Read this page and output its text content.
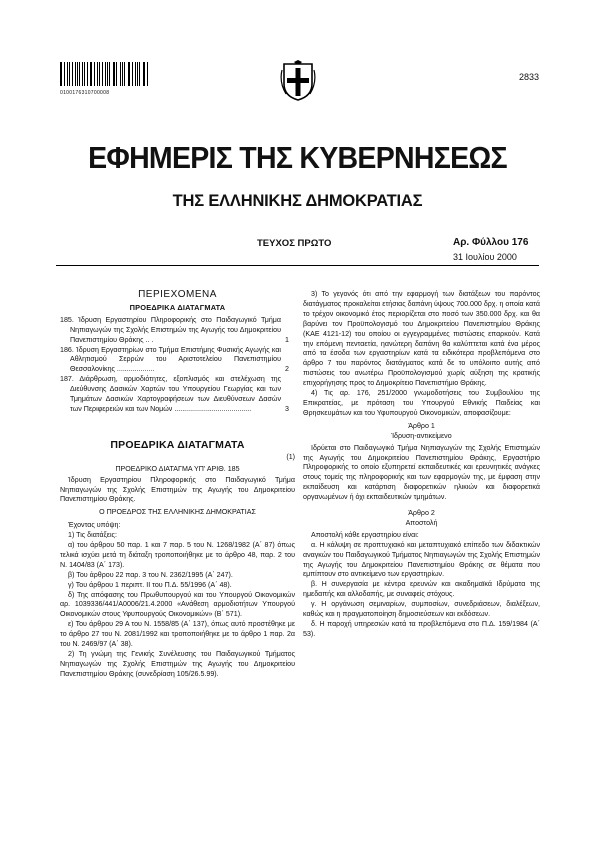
0100176310700008
2833
ΕΦΗΜΕΡΙΣ ΤΗΣ ΚΥΒΕΡΝΗΣΕΩΣ
ΤΗΣ ΕΛΛΗΝΙΚΗΣ ΔΗΜΟΚΡΑΤΙΑΣ
ΤΕΥΧΟΣ ΠΡΩΤΟ	Αρ. Φύλλου 176
31 Ιουλίου 2000
ΠΕΡΙΕΧΟΜΕΝΑ
ΠΡΟΕΔΡΙΚΑ ΔΙΑΤΑΓΜΑΤΑ
185. Ίδρυση Εργαστηρίου Πληροφορικής στο Παιδαγωγικό Τμήμα Νηπιαγωγών της Σχολής Επιστημών της Αγωγής του Δημοκριτείου Πανεπιστημίου Θράκης .. .	1
186. Ίδρυση Εργαστηρίων στο Τμήμα Επιστήμης Φυσικής Αγωγής και Αθλητισμού Σερρών του Αριστοτελείου Πανεπιστημίου Θεσσαλονίκης ...................	2
187. Διάρθρωση, αρμοδιότητες, εξοπλισμός και στελέχωση της Διεύθυνσης Δασικών Χαρτών του Υπουργείου Γεωργίας και των Τμημάτων Δασικών Χαρτογραφήσεων των Διευθύνσεων Δασών των Περιφερειών και των Νομών .......................................	3
ΠΡΟΕΔΡΙΚΑ ΔΙΑΤΑΓΜΑΤΑ
(1)
ΠΡΟΕΔΡΙΚΟ ΔΙΑΤΑΓΜΑ ΥΠ' ΑΡΙΘ. 185
Ίδρυση Εργαστηρίου Πληροφορικής στο Παιδαγωγικό Τμήμα Νηπιαγωγών της Σχολής Επιστημών της Αγωγής του Δημοκριτείου Πανεπιστημίου Θράκης.
Ο ΠΡΟΕΔΡΟΣ ΤΗΣ ΕΛΛΗΝΙΚΗΣ ΔΗΜΟΚΡΑΤΙΑΣ

Έχοντας υπόψη:

1) Τις διατάξεις:

α) του άρθρου 50 παρ. 1 και 7 παρ. 5 του Ν. 1268/1982 (Α΄ 87) όπως τελικά ισχύει μετά τη διάταξη τροποποιήθηκε με το άρθρο 48, παρ. 2 του Ν. 1404/83 (Α΄ 173).

β) Του άρθρου 22 παρ. 3 του Ν. 2362/1995 (Α΄ 247).

γ) Του άρθρου 1 περιπτ. ΙΙ του Π.Δ. 55/1996 (Α΄ 48).

δ) Της απόφασης του Πρωθυπουργού και του Υπουργού Οικονομικών αρ. 1039336/441/Α0006/21.4.2000 «Ανάθεση αρμοδιοτήτων Υπουργού Οικονομικών στους Υφυπουργούς Οικονομικών» (Β΄ 571).

ε) Του άρθρου 29 Α του Ν. 1558/85 (Α΄ 137), όπως αυτό προστέθηκε με το άρθρο 27 του Ν. 2081/1992 και τροποποιήθηκε με το άρθρο 1 παρ. 2α του Ν. 2469/97 (Α΄ 38).

2) Τη γνώμη της Γενικής Συνέλευσης του Παιδαγωγικού Τμήματος Νηπιαγωγών της Σχολής Επιστημών της Αγωγής του Δημοκριτείου Πανεπιστημίου Θράκης (συνεδρίαση 105/26.5.99).

3) Το γεγονός ότι από την εφαρμογή των διατάξεων του παρόντος διατάγματος προκαλείται ετήσιας δαπάνη ύψους 700.000 δρχ. η οποία κατά το τρέχον οικονομικό έτος περιορίζεται στο ποσό των 350.000 δρχ. και θα βαρύνει τον Προϋπολογισμό του Δημοκριτείου Πανεπιστημίου Θράκης (ΚΑΕ 4121-12) του οποίου οι εγγεγραμμένες πιστώσεις επαρκούν. Κατά την επόμενη πενταετία, ηανώτερη δαπάνη θα καλύπτεται κατά ένα μέρος από τα έσοδα των εργαστηρίων κατά τα ειδικότερα προβλεπόμενα στο άρθρο 7 του παρόντος διατάγματος κατά δε το υπόλοιπο αυτής από πιστώσεις του ανωτέρω Προϋπολογισμού χωρίς αύξηση της κρατικής επιχορήγησης προς το Δημοκρίτειο Πανεπιστήμιο Θράκης.

4) Τις αρ. 176, 251/2000 γνωμοδοτήσεις του Συμβουλίου της Επικρατείας, με πρόταση του Υπουργού Εθνικής Παιδείας και Θρησκευμάτων και του Υφυπουργού Οικονομικών, αποφασίζουμε:

Άρθρο 1
Ίδρυση-αντικείμενο

Ιδρύεται στο Παιδαγωγικό Τμήμα Νηπιαγωγών της Σχολής Επιστημών της Αγωγής του Δημοκριτείου Πανεπιστημίου Θράκης, Εργαστήριο Πληροφορικής το οποίο εξυπηρετεί εκπαιδευτικές και ερευνητικές ανάγκες στους τομείς της πληροφορικής και των εφαρμογών της, με έμφαση στην εκπαίδευση και κατάρτιση διαφορετικών ηλικιών και διαφορετικά οργανωμένων ή όχι εκπαιδευτικών τμημάτων.

Άρθρο 2
Αποστολή

Αποστολή κάθε εργαστηρίου είναι:

α. Η κάλυψη σε προπτυχιακό και μεταπτυχιακό επίπεδο των διδακτικών αναγκών του Παιδαγωγικού Τμήματος Νηπιαγωγών της Σχολής Επιστημών της Αγωγής του Δημοκριτείου Πανεπιστημίου Θράκης σε θέματα που εμπίπτουν στο αντικείμενο των εργαστηρίων.

β. Η συνεργασία με κέντρα ερευνών και ακαδημαϊκά Ιδρύματα της ημεδαπής και αλλοδαπής, με συναφείς στόχους.

γ. Η οργάνωση σεμιναρίων, συμποσίων, συνεδριάσεων, διαλέξεων, καθώς και η πραγματοποίηση δημοσιεύσεων και εκδόσεων.

δ. Η παροχή υπηρεσιών κατά τα προβλεπόμενα στο Π.Δ. 159/1984 (Α΄ 53).
